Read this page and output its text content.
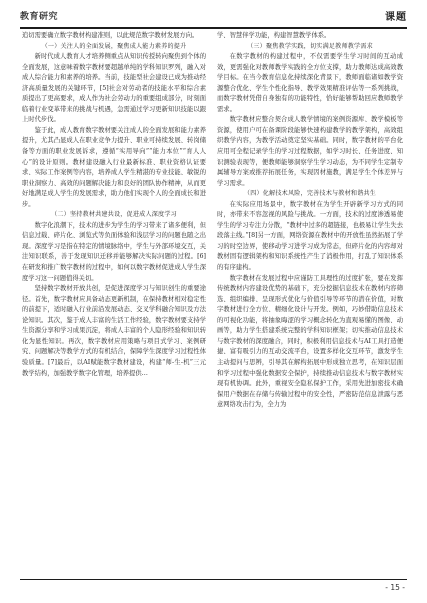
教育研究	课题

追切需要确立数字教材构建准则，以此规范数字教材发展方向。

（一）关注人的全面发展，聚焦成人能力素养的提升

新时代成人教育人才培养侧重点从知识传授转向聚焦到个体的全面发展，这意味着数字教材要超越单纯的学科知识罗列，融入对成人综合能力和素养的培养。当前，技能型社会建设已成为推动经济高质量发展的关键环节，[5]社会对劳动者的技能水平和综合素质提出了更高要求，成人作为社会劳动力的重要组成部分，时刻面临着行业变革带来的挑战与机遇，急需通过学习更新知识技能以跟上时代步伐。

鉴于此，成人教育数字教材要关注成人的全面发展和能力素养提升，尤其凸显成人在职业竞争力提升、职业可持续发展、转岗储备等方面的职业发展诉求，遵循“实用导向”“能力本位”“育人人心”的设计原则。教材建设融入行业最新标准、职业资格认证要求、实际工作案例等内容，培养成人学生精湛的专业技能、敏锐的职业洞察力、高效的问题解决能力和良好的团队协作精神，从而更好地满足成人学生的发展需求，助力他们实现个人的全面成长和进步。

（二）坚持教材共建共设，促进成人深度学习

数字化浪潮下，技术的进步为学生的学习带来了诸多便利，但信息过载、碎片化、浏览式等负面体验和浅层学习的问题也随之出现。深度学习是指在特定的情境脉络中，学生与外部环境交互，关注知识联系，善于发现知识迁移并能够解决实际问题的过程。[6]在研发和推广数字教材的过程中，如何以数字教材促进成人学生深度学习这一问题值得关切。

坚持数字教材开放共创，是促进深度学习与知识创生的重要途径。首先，数字教材应具备动态更新机制，在保持教材相对稳定性的前提下，适时融入行业前沿发展动态、交叉学科融合知识及方法论知识。其次，鉴于成人丰富的生活工作经验，数字教材要支持学生资源分享和学习成果沉淀，将成人丰富的个人隐形经验和知识转化为显性知识。再次，数字教材应用策略与项目式学习、案例研究、问题解决等教学方式的有机结合，保障学生深度学习过程性体验质量。[7]最后，以AI赋能数字教材建设，构建“师-生-机”三元教学结构，加强教学数字化管理，培养提供…

学、智慧伴学功能，构建智慧教学体系。

（三）聚焦教学实践，切实满足教师教学需求

在数字教材的构建过程中，不仅需要学生学习时间的互动成效，更需强化对教师教学实践的全方位支撑，助力教师达成高效教学目标。在当今教育信息化持续深化背景下，教师面临诸如教学资源整合优化、学生个性化指导、教学效果精准评估等一系列挑战，而数字教材凭借自身独有的功能特性，恰好能够帮助回应教师教学需求。

数字教材应整合契合成人教学情境的案例资源库、教学模板等资源，使用户可在备课阶段能够快速构建教学的教学架构，高效组织教学内容，为教学活动奠定坚实基础。同时，数字教材的平台化应用可全程记录学生的学习过程数据，如学习时长、任务进度、知识测验表现等，便教师能够洞察学生学习动态，为不同学生定制专属辅导方案或推荐拓展任务，实现因材施教，满足学生个体差异与学习需求。

（四）化解技术风险，完善技术与教材和谐共生

在实际应用场景中，数字教材在为学生开辟新学习方式的同时，亦带来不容忽视的风险与挑战。一方面，技术的过度渗透易使学生的学习专注力分散，“教材中过多的超链接，也极易让学生失去段落主线。”[8]另一方面，网络资源在教材中的开放性虽然拓展了学习的时空边界，使移动学习进学习成为常态，但碎片化的内容却对教材固有逻辑架构和知识系统性产生了消极作用，打乱了知识体系的有序建构。

数字教材在发展过程中应谨防工具理性的过度扩张，要在发挥传统教材内容建设优势的基础下，充分挖掘信息技术在教材内容筛选、组织编排、呈现形式优化与价值引导等环节的潜在价值，对数字教材进行全方位、精细化设计与开发。例如，巧妙借助信息技术的可视化功能，将抽象晦涩的学习概念转化为直观易懂的图像、动画等，助力学生搭建系统完整的学科知识框架；切实推动信息技术与数字教材的深度融合，同时，积极利用信息技术与AI工具打造便捷、富有吸引力的互动交流平台，设置多样化交互环节，激发学生主动提问与思辨，引导其在解构拓展中形成独立思考，在知识层面和学习过程中强化数据安全保护，持续推动信息技术与数字教材实现有机协调。此外，重视安全隐私保护工作，采用先进加密技术确保用户数据在存储与传输过程中的安全性，严密防范信息泄露与恶意网络攻击行为，全力为

- 15 -
